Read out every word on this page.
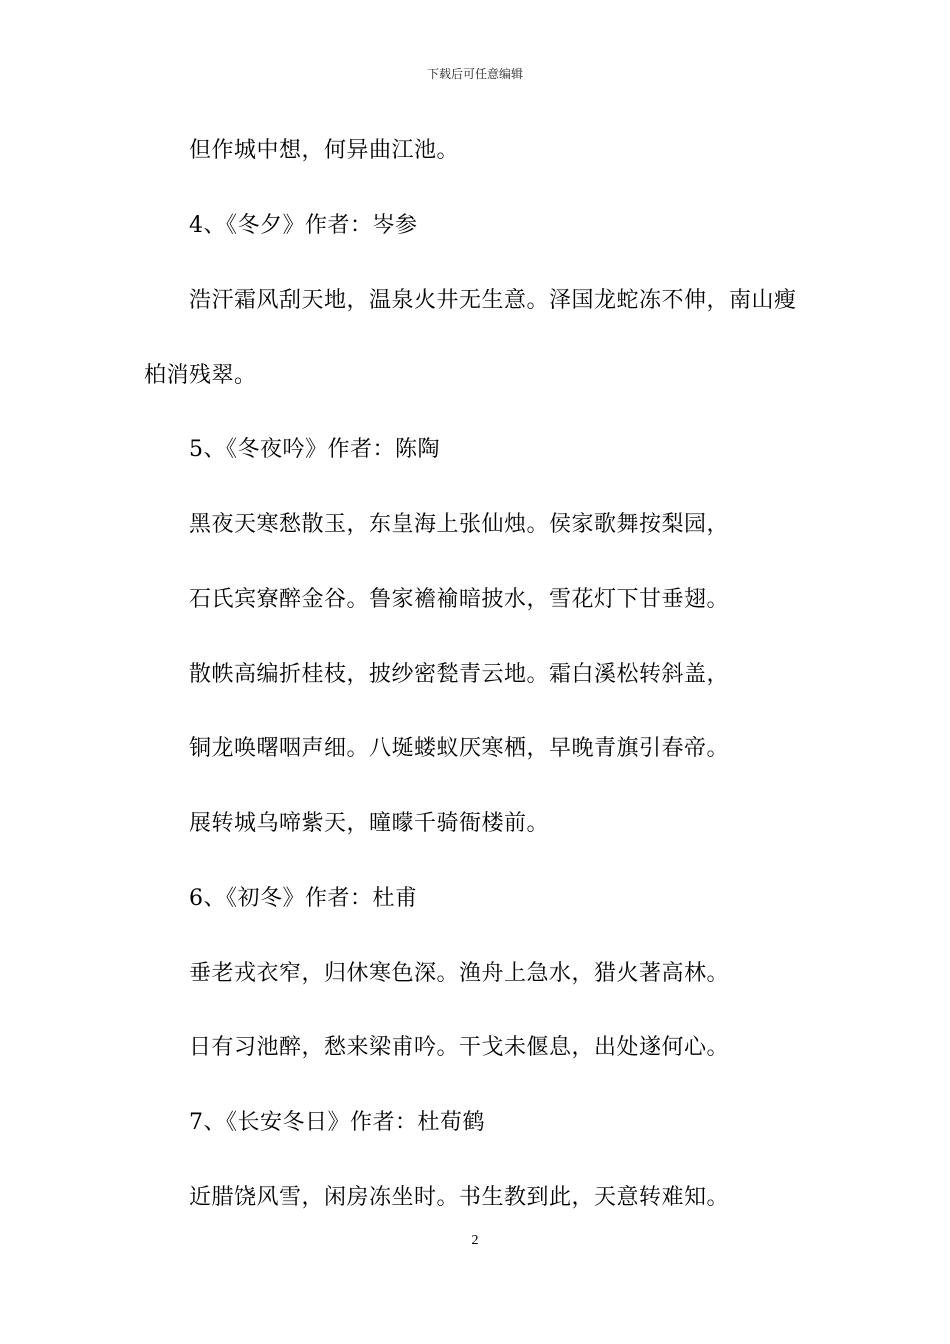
下载后可任意编辑
但作城中想，何异曲江池。
4、《冬夕》作者：岑参
浩汗霜风刮天地，温泉火井无生意。泽国龙蛇冻不伸，南山瘦
柏消残翠。
5、《冬夜吟》作者：陈陶
黑夜天寒愁散玉，东皇海上张仙烛。侯家歌舞按梨园，
石氏宾寮醉金谷。鲁家襜褕暗披水，雪花灯下甘垂翅。
散帙高编折桂枝，披纱密甃青云地。霜白溪松转斜盖，
铜龙唤曙咽声细。八埏蝼蚁厌寒栖，早晚青旗引春帝。
展转城乌啼紫天，曈曚千骑衙楼前。
6、《初冬》作者：杜甫
垂老戎衣窄，归休寒色深。渔舟上急水，猎火著高林。
日有习池醉，愁来梁甫吟。干戈未偃息，出处遂何心。
7、《长安冬日》作者：杜荀鹤
近腊饶风雪，闲房冻坐时。书生教到此，天意转难知。
2
